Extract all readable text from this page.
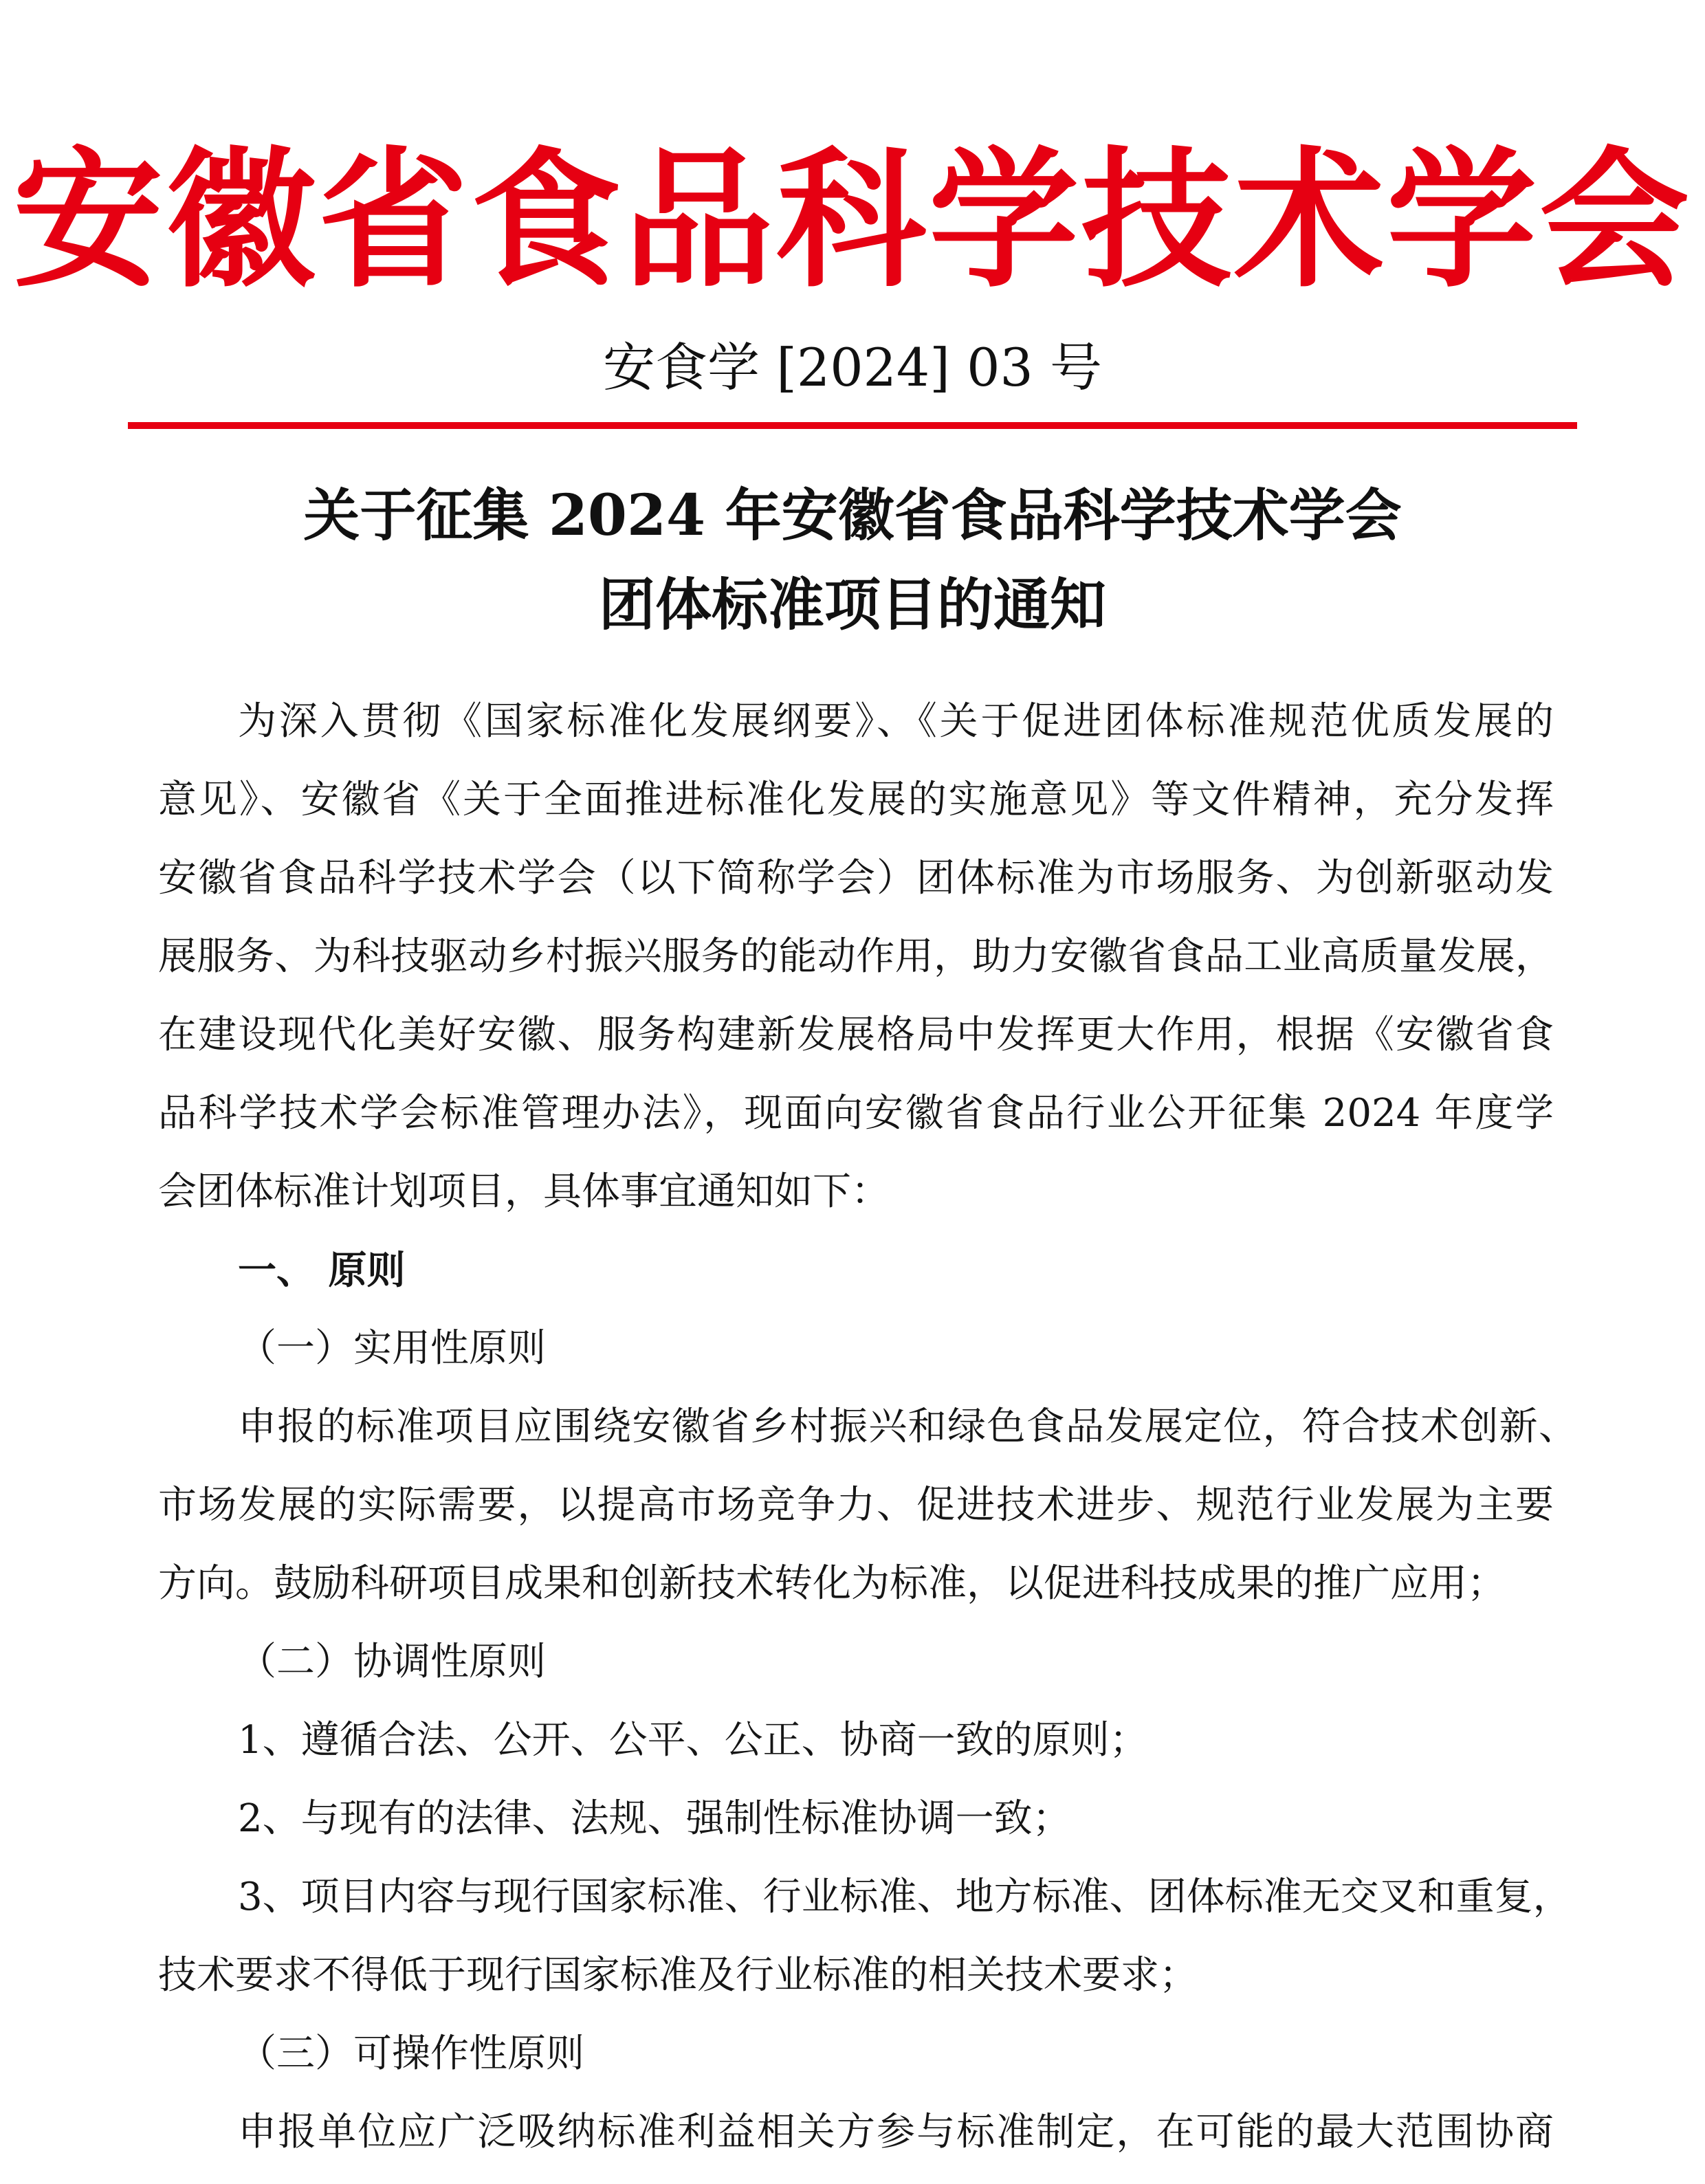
安徽省食品科学技术学会
安食学 [2024] 03 号
关于征集 2024 年安徽省食品科学技术学会
团体标准项目的通知
为深入贯彻《国家标准化发展纲要》、《关于促进团体标准规范优质发展的
意见》、安徽省《关于全面推进标准化发展的实施意见》等文件精神，充分发挥
安徽省食品科学技术学会（以下简称学会）团体标准为市场服务、为创新驱动发
展服务、为科技驱动乡村振兴服务的能动作用，助力安徽省食品工业高质量发展，
在建设现代化美好安徽、服务构建新发展格局中发挥更大作用，根据《安徽省食
品科学技术学会标准管理办法》，现面向安徽省食品行业公开征集 2024 年度学
会团体标准计划项目，具体事宜通知如下：
一、 原则
（一）实用性原则
申报的标准项目应围绕安徽省乡村振兴和绿色食品发展定位，符合技术创新、
市场发展的实际需要，以提高市场竞争力、促进技术进步、规范行业发展为主要
方向。鼓励科研项目成果和创新技术转化为标准，以促进科技成果的推广应用；
（二）协调性原则
1、遵循合法、公开、公平、公正、协商一致的原则；
2、与现有的法律、法规、强制性标准协调一致；
3、项目内容与现行国家标准、行业标准、地方标准、团体标准无交叉和重复，
技术要求不得低于现行国家标准及行业标准的相关技术要求；
（三）可操作性原则
申报单位应广泛吸纳标准利益相关方参与标准制定，在可能的最大范围协商
